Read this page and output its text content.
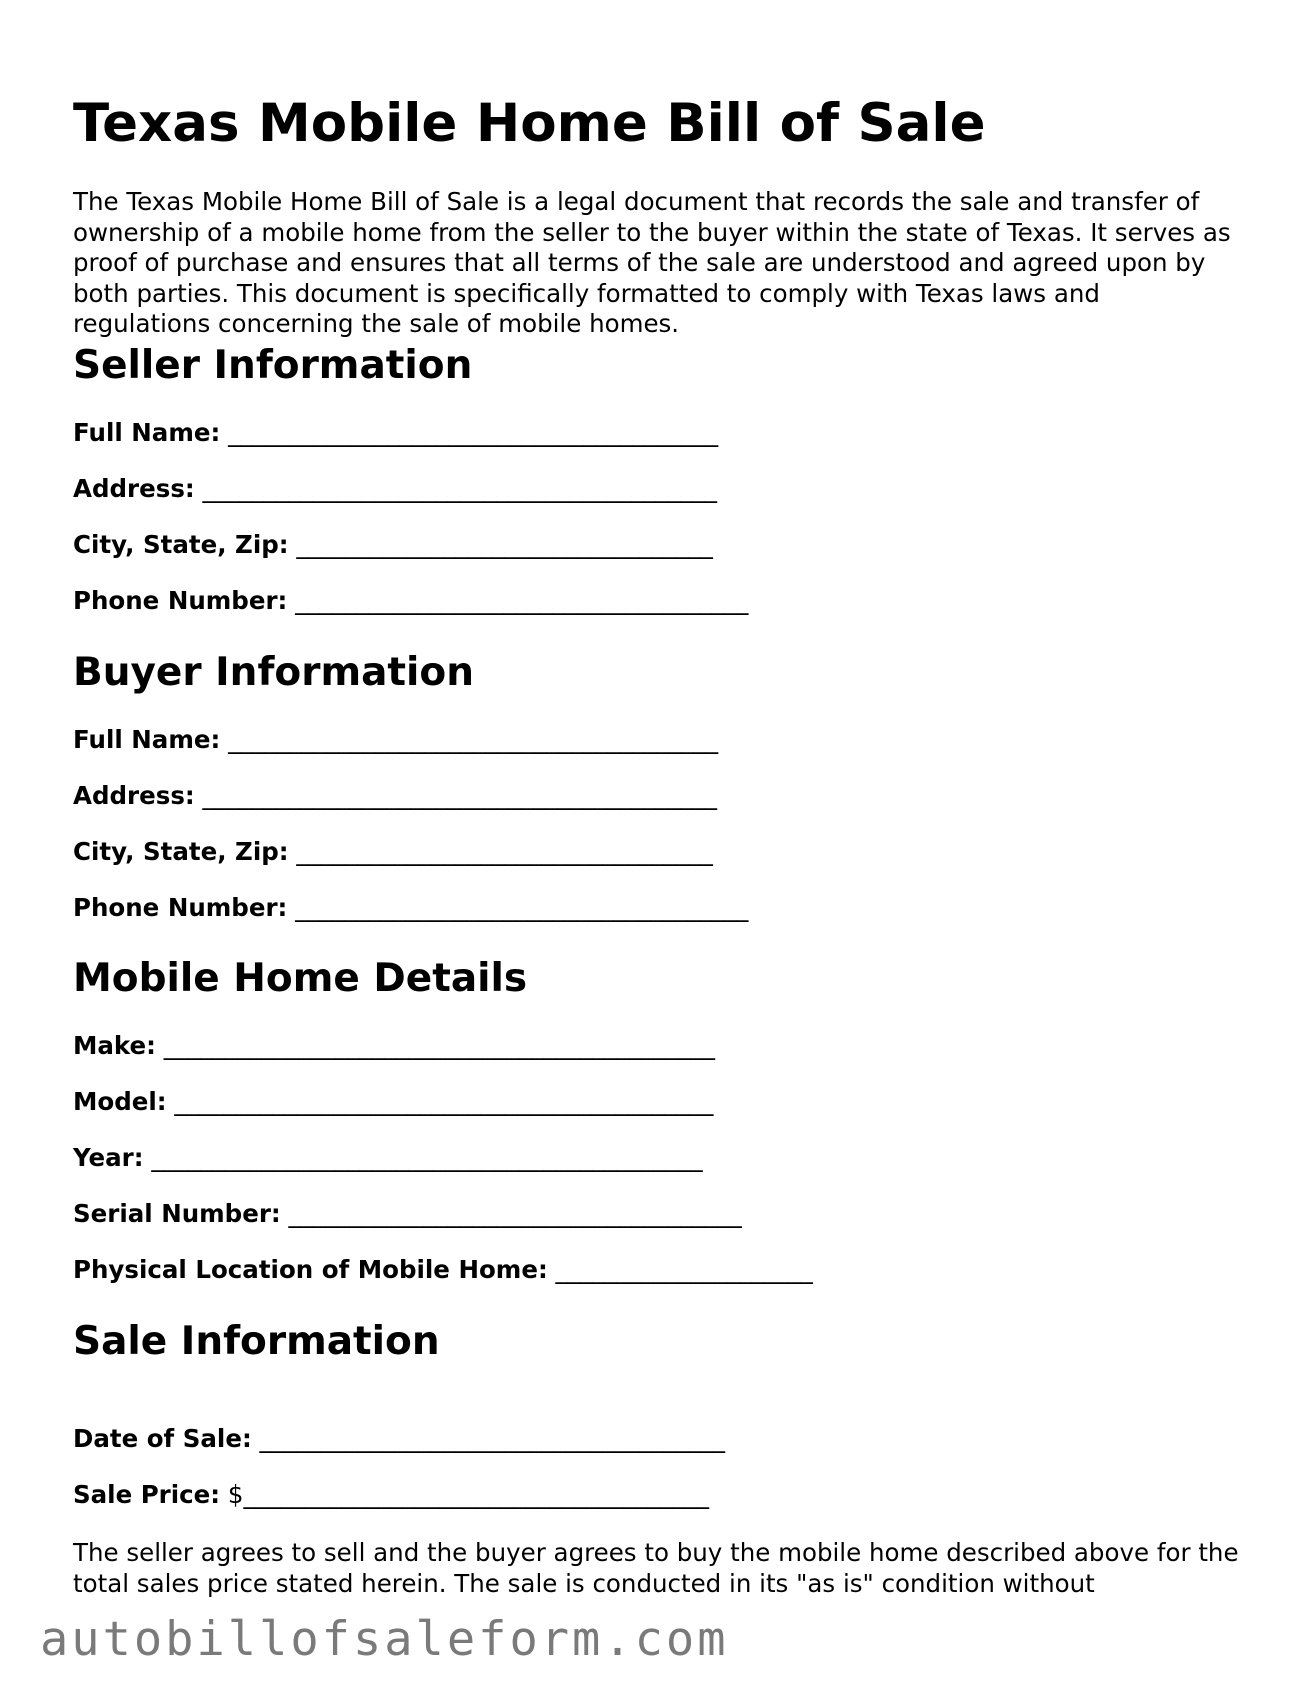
Texas Mobile Home Bill of Sale

The Texas Mobile Home Bill of Sale is a legal document that records the sale and transfer of ownership of a mobile home from the seller to the buyer within the state of Texas. It serves as proof of purchase and ensures that all terms of the sale are understood and agreed upon by both parties. This document is specifically formatted to comply with Texas laws and regulations concerning the sale of mobile homes.

Seller Information
Full Name: ________________________________________
Address: __________________________________________
City, State, Zip: __________________________________
Phone Number: _____________________________________
Buyer Information
Full Name: ________________________________________
Address: __________________________________________
City, State, Zip: __________________________________
Phone Number: _____________________________________
Mobile Home Details
Make: _____________________________________________
Model: ____________________________________________
Year: _____________________________________________
Serial Number: _____________________________________
Physical Location of Mobile Home: _____________________
Sale Information
Date of Sale: ______________________________________
Sale Price: $______________________________________

The seller agrees to sell and the buyer agrees to buy the mobile home described above for the total sales price stated herein. The sale is conducted in its "as is" condition without

autobillofsaleform.com
